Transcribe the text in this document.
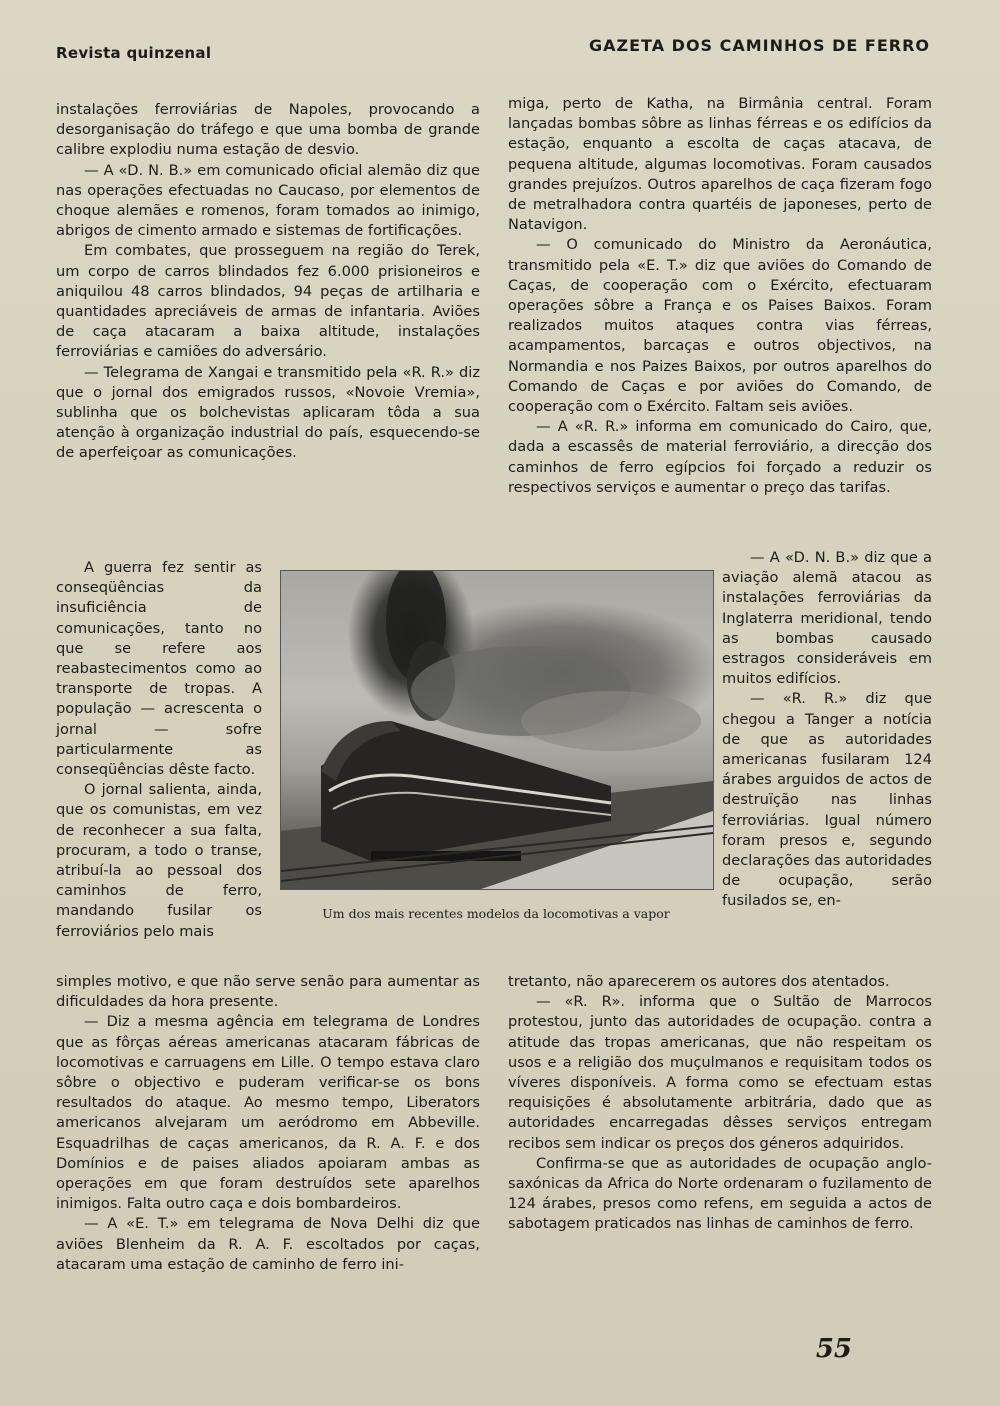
Revista quinzenal	GAZETA DOS CAMINHOS DE FERRO

instalações ferroviárias de Napoles, provocando a desorganisação do tráfego e que uma bomba de grande calibre explodiu numa estação de desvio.

— A «D. N. B.» em comunicado oficial alemão diz que nas operações efectuadas no Caucaso, por elementos de choque alemães e romenos, foram tomados ao inimigo, abrigos de cimento armado e sistemas de fortificações.

Em combates, que prosseguem na região do Terek, um corpo de carros blindados fez 6.000 prisioneiros e aniquilou 48 carros blindados, 94 peças de artilharia e quantidades apreciáveis de armas de infantaria. Aviões de caça atacaram a baixa altitude, instalações ferroviárias e camiões do adversário.

— Telegrama de Xangai e transmitido pela «R. R.» diz que o jornal dos emigrados russos, «Novoie Vremia», sublinha que os bolchevistas aplicaram tôda a sua atenção à organização industrial do país, esquecendo-se de aperfeiçoar as comunicações.

A guerra fez sentir as conseqüências da insuficiência de comunicações, tanto no que se refere aos reabastecimentos como ao transporte de tropas. A população — acrescenta o jornal — sofre particularmente as conseqüências dêste facto.

O jornal salienta, ainda, que os comunistas, em vez de reconhecer a sua falta, procuram, a todo o transe, atribuí-la ao pessoal dos caminhos de ferro, mandando fusilar os ferroviários pelo mais

simples motivo, e que não serve senão para aumentar as dificuldades da hora presente.

— Diz a mesma agência em telegrama de Londres que as fôrças aéreas americanas atacaram fábricas de locomotivas e carruagens em Lille. O tempo estava claro sôbre o objectivo e puderam verificar-se os bons resultados do ataque. Ao mesmo tempo, Liberators americanos alvejaram um aeródromo em Abbeville. Esquadrilhas de caças americanos, da R. A. F. e dos Domínios e de paises aliados apoiaram ambas as operações em que foram destruídos sete aparelhos inimigos. Falta outro caça e dois bombardeiros.

— A «E. T.» em telegrama de Nova Delhi diz que aviões Blenheim da R. A. F. escoltados por caças, atacaram uma estação de caminho de ferro ini-

miga, perto de Katha, na Birmânia central. Foram lançadas bombas sôbre as linhas férreas e os edifícios da estação, enquanto a escolta de caças atacava, de pequena altitude, algumas locomotivas. Foram causados grandes prejuízos. Outros aparelhos de caça fizeram fogo de metralhadora contra quartéis de japoneses, perto de Natavigon.

— O comunicado do Ministro da Aeronáutica, transmitido pela «E. T.» diz que aviões do Comando de Caças, de cooperação com o Exército, efectuaram operações sôbre a França e os Paises Baixos. Foram realizados muitos ataques contra vias férreas, acampamentos, barcaças e outros objectivos, na Normandia e nos Paizes Baixos, por outros aparelhos do Comando de Caças e por aviões do Comando, de cooperação com o Exército. Faltam seis aviões.

— A «R. R.» informa em comunicado do Cairo, que, dada a escassês de material ferroviário, a direcção dos caminhos de ferro egípcios foi forçado a reduzir os respectivos serviços e aumentar o preço das tarifas.

— A «D. N. B.» diz que a aviação alemã atacou as instalações ferroviárias da Inglaterra meridional, tendo as bombas causado estragos consideráveis em muitos edifícios.

— «R. R.» diz que chegou a Tanger a notícia de que as autoridades americanas fusilaram 124 árabes arguidos de actos de destruïção nas linhas ferroviárias. Igual número foram presos e, segundo declarações das autoridades de ocupação, serão fusilados se, en-

tretanto, não aparecerem os autores dos atentados.

— «R. R». informa que o Sultão de Marrocos protestou, junto das autoridades de ocupação. contra a atitude das tropas americanas, que não respeitam os usos e a religião dos muçulmanos e requisitam todos os víveres disponíveis. A forma como se efectuam estas requisições é absolutamente arbitrária, dado que as autoridades encarregadas dêsses serviços entregam recibos sem indicar os preços dos géneros adquiridos.

Confirma-se que as autoridades de ocupação anglo-saxónicas da Africa do Norte ordenaram o fuzilamento de 124 árabes, presos como refens, em seguida a actos de sabotagem praticados nas linhas de caminhos de ferro.

Um dos mais recentes modelos da locomotivas a vapor
55
